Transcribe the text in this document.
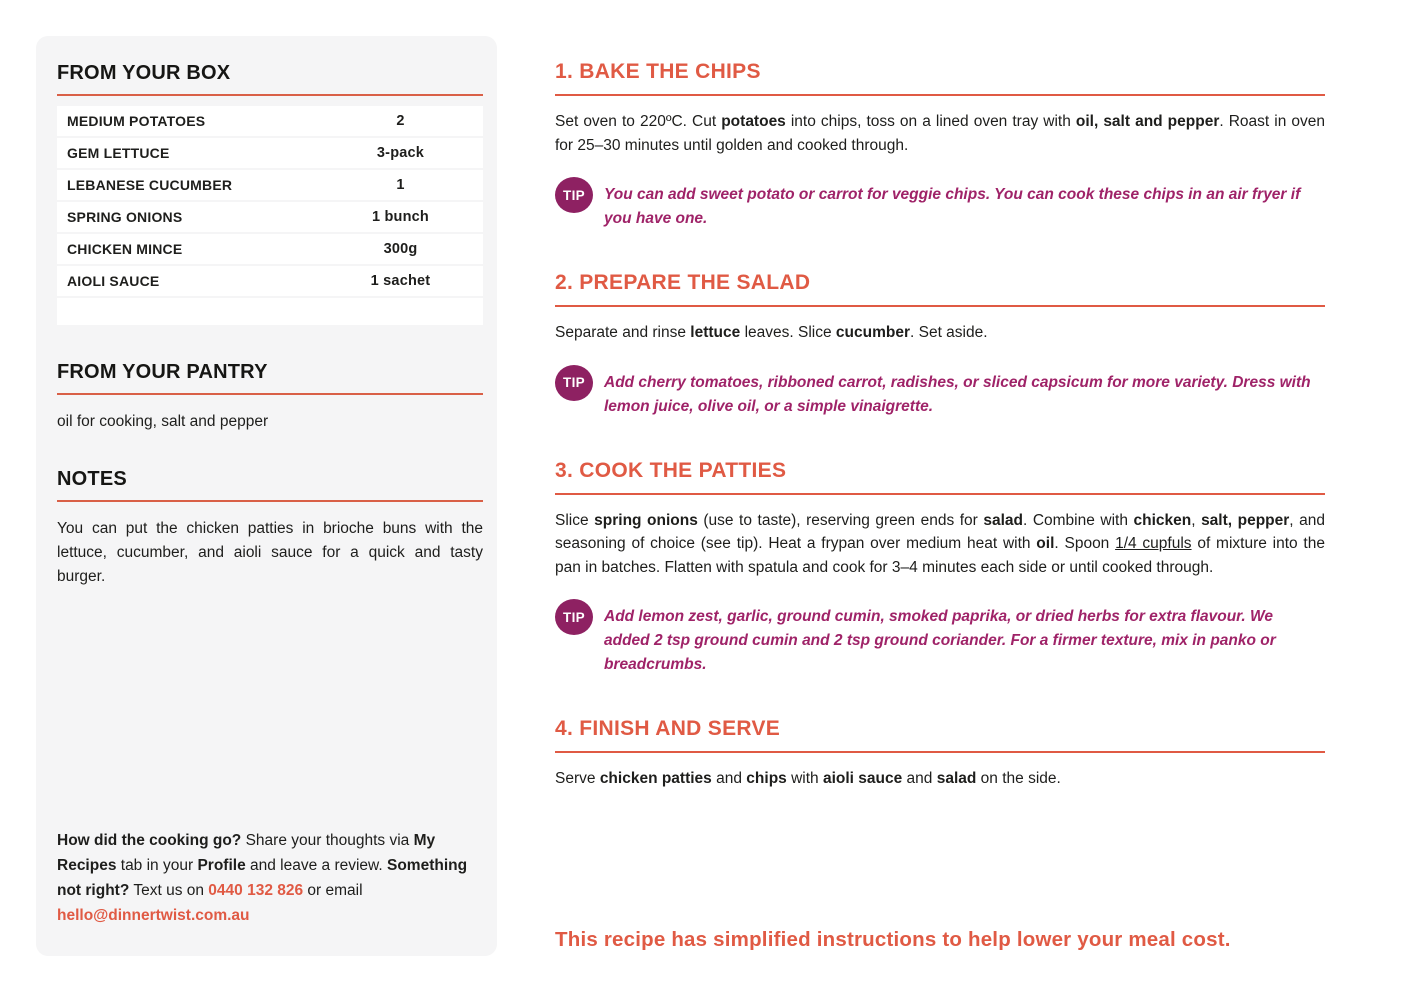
FROM YOUR BOX
MEDIUM POTATOES	2
GEM LETTUCE	3-pack
LEBANESE CUCUMBER	1
SPRING ONIONS	1 bunch
CHICKEN MINCE	300g
AIOLI SAUCE	1 sachet
FROM YOUR PANTRY

oil for cooking, salt and pepper

NOTES

You can put the chicken patties in brioche buns with the lettuce, cucumber, and aioli sauce for a quick and tasty burger.

How did the cooking go? Share your thoughts via My Recipes tab in your Profile and leave a review. Something not right? Text us on 0440 132 826 or email hello@dinnertwist.com.au

1. BAKE THE CHIPS

Set oven to 220ºC. Cut potatoes into chips, toss on a lined oven tray with oil, salt and pepper. Roast in oven for 25–30 minutes until golden and cooked through.

TIP	You can add sweet potato or carrot for veggie chips. You can cook these chips in an air fryer if you have one.
2. PREPARE THE SALAD

Separate and rinse lettuce leaves. Slice cucumber. Set aside.

TIP	Add cherry tomatoes, ribboned carrot, radishes, or sliced capsicum for more variety. Dress with lemon juice, olive oil, or a simple vinaigrette.
3. COOK THE PATTIES

Slice spring onions (use to taste), reserving green ends for salad. Combine with chicken, salt, pepper, and seasoning of choice (see tip). Heat a frypan over medium heat with oil. Spoon 1/4 cupfuls of mixture into the pan in batches. Flatten with spatula and cook for 3–4 minutes each side or until cooked through.

TIP	Add lemon zest, garlic, ground cumin, smoked paprika, or dried herbs for extra flavour. We added 2 tsp ground cumin and 2 tsp ground coriander. For a firmer texture, mix in panko or breadcrumbs.
4. FINISH AND SERVE

Serve chicken patties and chips with aioli sauce and salad on the side.

This recipe has simplified instructions to help lower your meal cost.
